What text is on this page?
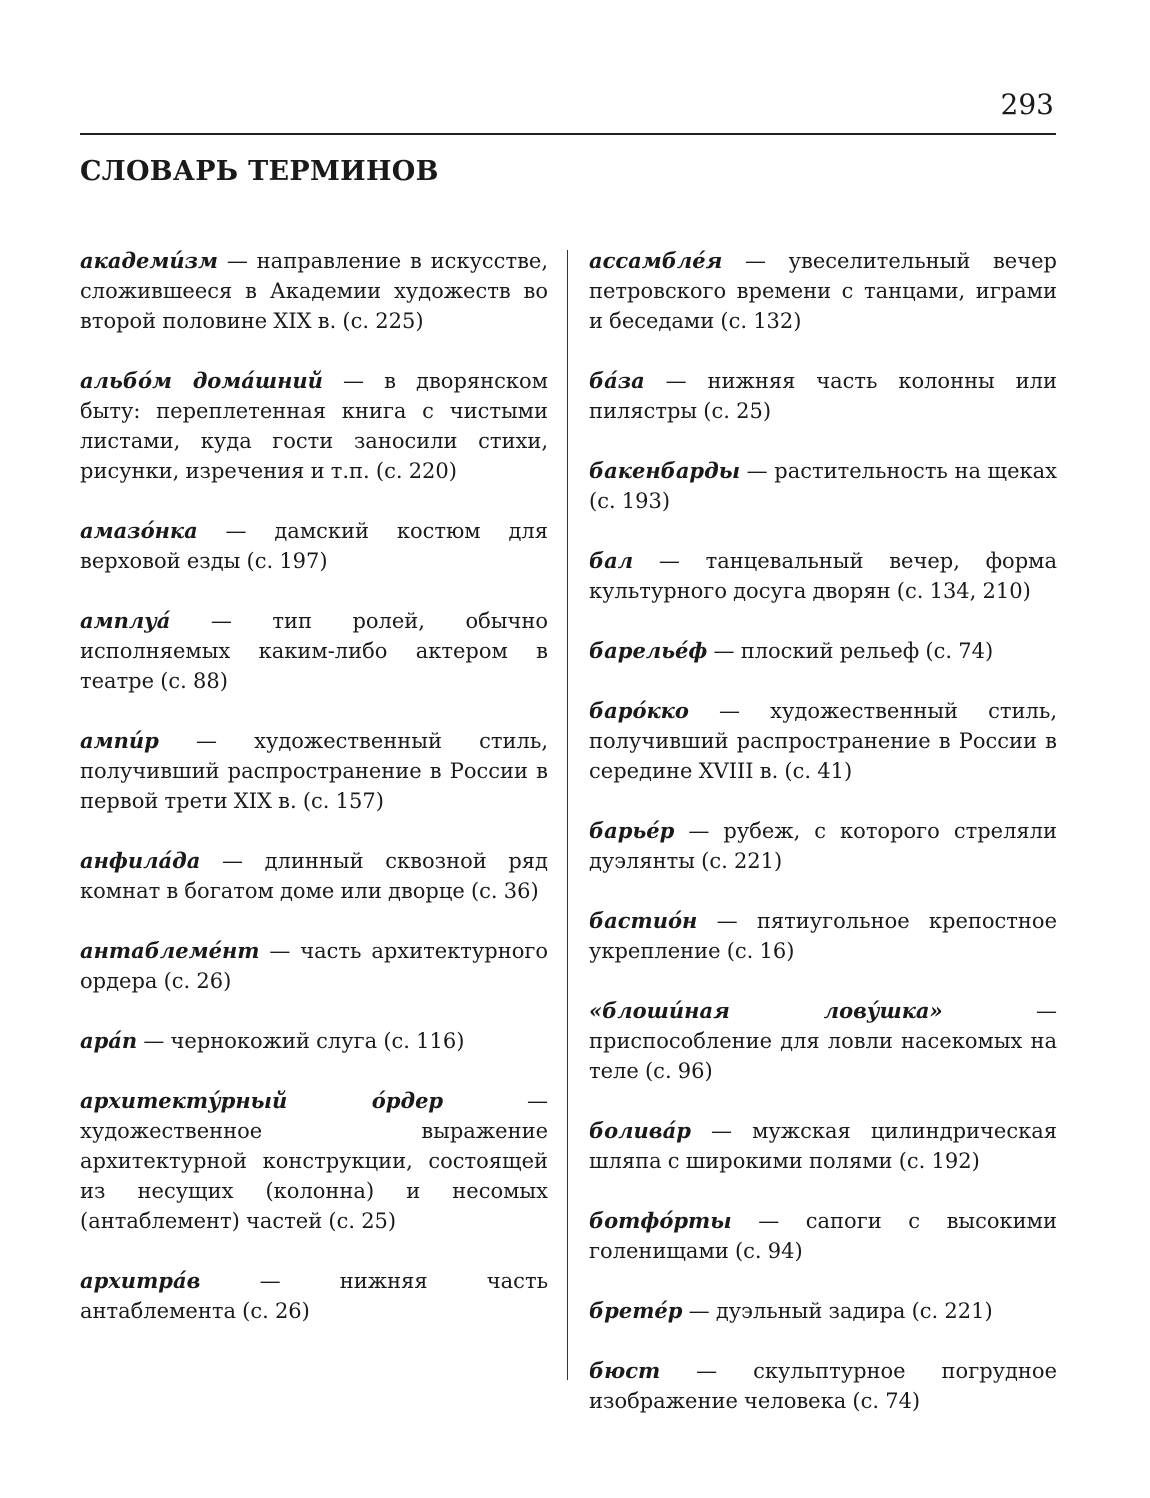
293
СЛОВАРЬ ТЕРМИНОВ

академи́зм — направление в искусстве, сложившееся в Академии художеств во второй половине XIX в. (с. 225)

альбо́м дома́шний — в дворянском быту: переплетенная книга с чистыми листами, куда гости заносили стихи, рисунки, изречения и т.п. (с. 220)

амазо́нка — дамский костюм для верховой езды (с. 197)

амплуа́ — тип ролей, обычно исполняемых каким-либо актером в театре (с. 88)

ампи́р — художественный стиль, получивший распространение в России в первой трети XIX в. (с. 157)

анфила́да — длинный сквозной ряд комнат в богатом доме или дворце (с. 36)

антаблеме́нт — часть архитектурного ордера (с. 26)

ара́п — чернокожий слуга (с. 116)

архитекту́рный о́рдер — художественное выражение архитектурной конструкции, состоящей из несущих (колонна) и несомых (антаблемент) частей (с. 25)

архитра́в — нижняя часть антаблемента (с. 26)

ассамбле́я — увеселительный вечер петровского времени с танцами, играми и беседами (с. 132)

ба́за — нижняя часть колонны или пилястры (с. 25)

бакенбарды — растительность на щеках (с. 193)

бал — танцевальный вечер, форма культурного досуга дворян (с. 134, 210)

барелье́ф — плоский рельеф (с. 74)

баро́кко — художественный стиль, получивший распространение в России в середине XVIII в. (с. 41)

барье́р — рубеж, с которого стреляли дуэлянты (с. 221)

бастио́н — пятиугольное крепостное укрепление (с. 16)

«блоши́ная лову́шка» — приспособление для ловли насекомых на теле (с. 96)

болива́р — мужская цилиндрическая шляпа с широкими полями (с. 192)

ботфо́рты — сапоги с высокими голенищами (с. 94)

брете́р — дуэльный задира (с. 221)

бюст — скульптурное погрудное изображение человека (с. 74)
